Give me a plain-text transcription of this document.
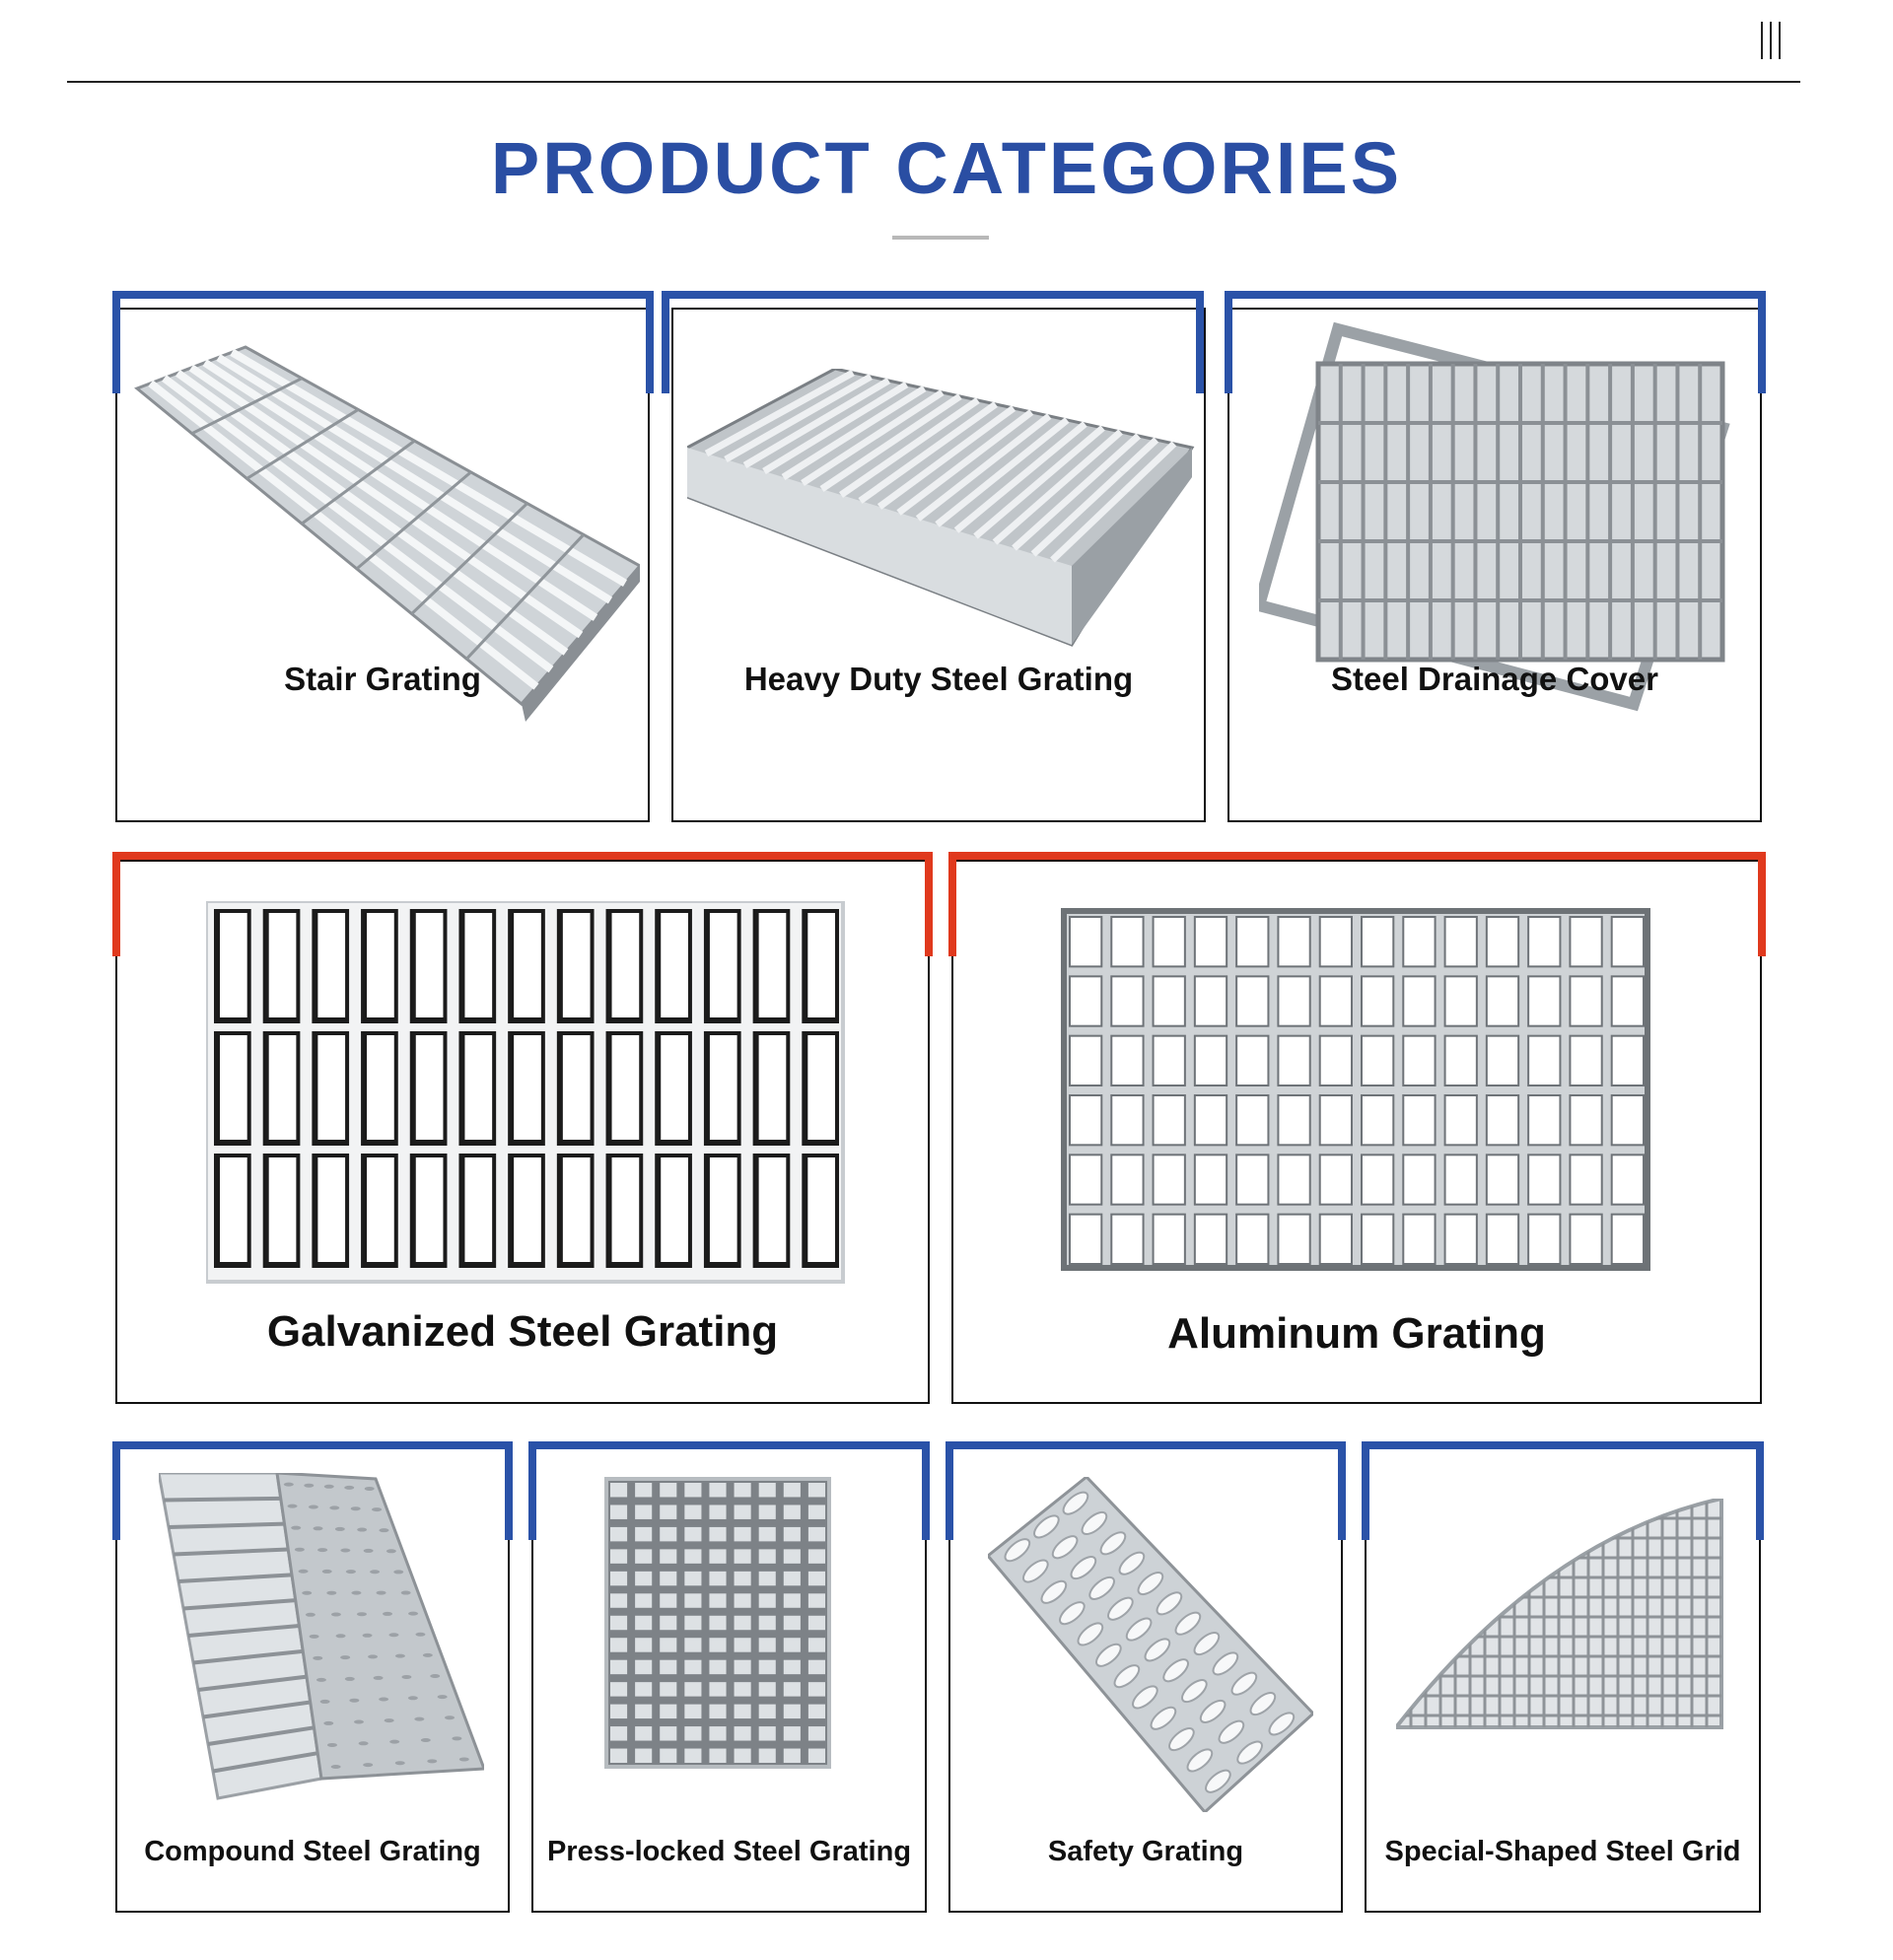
PRODUCT CATEGORIES
Stair Grating	Heavy Duty Steel Grating	Steel Drainage Cover
Galvanized Steel Grating	Aluminum Grating
Compound Steel Grating	Press-locked Steel Grating	Safety Grating	Special-Shaped Steel Grid
